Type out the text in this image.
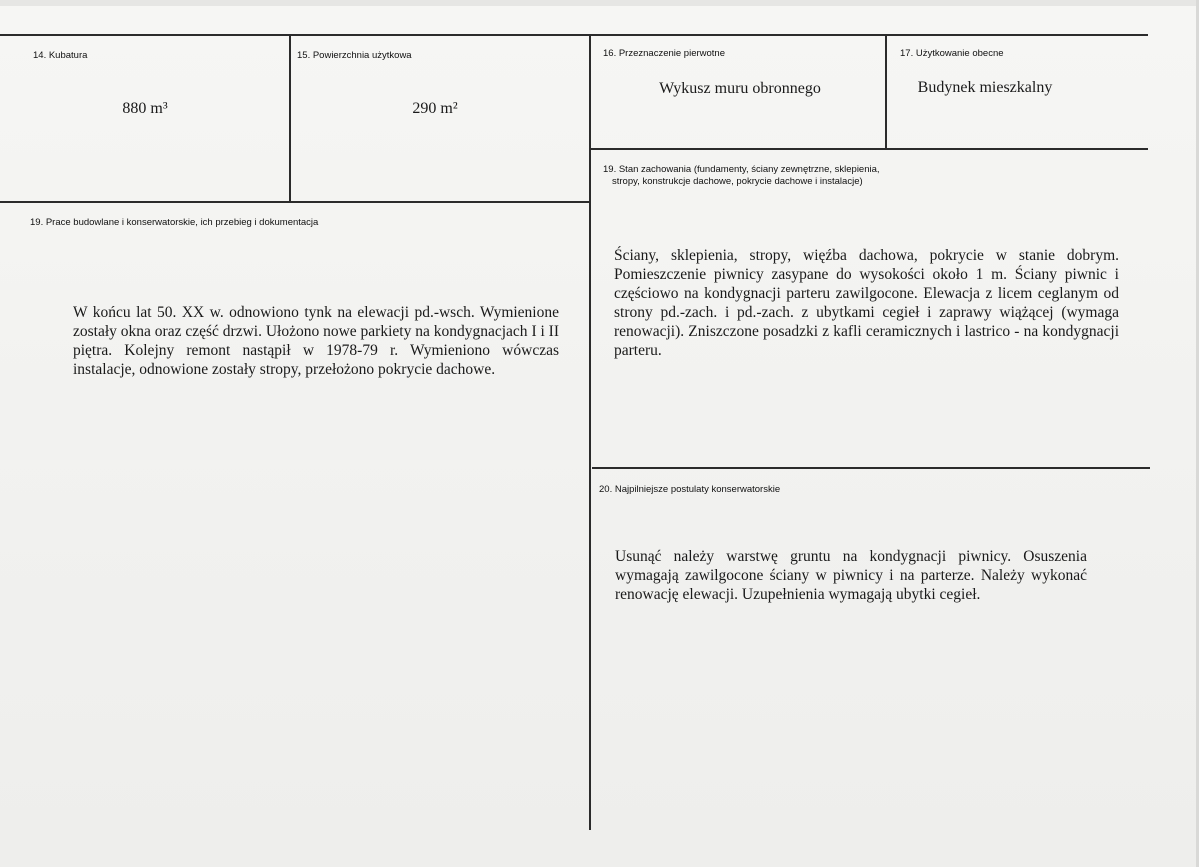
14. Kubatura
880 m³
15. Powierzchnia użytkowa
290 m²
16. Przeznaczenie pierwotne
Wykusz muru obronnego
17. Użytkowanie obecne
Budynek mieszkalny
19. Prace budowlane i konserwatorskie, ich przebieg i dokumentacja
W końcu lat 50. XX w. odnowiono tynk na elewacji pd.-wsch. Wymienione zostały okna oraz część drzwi. Ułożono nowe parkiety na kondygnacjach I i II piętra. Kolejny remont nastąpił w 1978-79 r. Wymieniono wówczas instalacje, odnowione zostały stropy, przełożono pokrycie dachowe.
19. Stan zachowania (fundamenty, ściany zewnętrzne, sklepienia,
stropy, konstrukcje dachowe, pokrycie dachowe i instalacje)
Ściany, sklepienia, stropy, więźba dachowa, pokrycie w stanie dobrym. Pomieszczenie piwnicy zasypane do wysokości około 1 m. Ściany piwnic i częściowo na kondygnacji parteru zawilgocone. Elewacja z licem ceglanym od strony pd.-zach. i pd.-zach. z ubytkami cegieł i zaprawy wiążącej (wymaga renowacji). Zniszczone posadzki z kafli ceramicznych i lastrico - na kondygnacji parteru.
20. Najpilniejsze postulaty konserwatorskie
Usunąć należy warstwę gruntu na kondygnacji piwnicy. Osuszenia wymagają zawilgocone ściany w piwnicy i na parterze. Należy wykonać renowację elewacji. Uzupełnienia wymagają ubytki cegieł.
